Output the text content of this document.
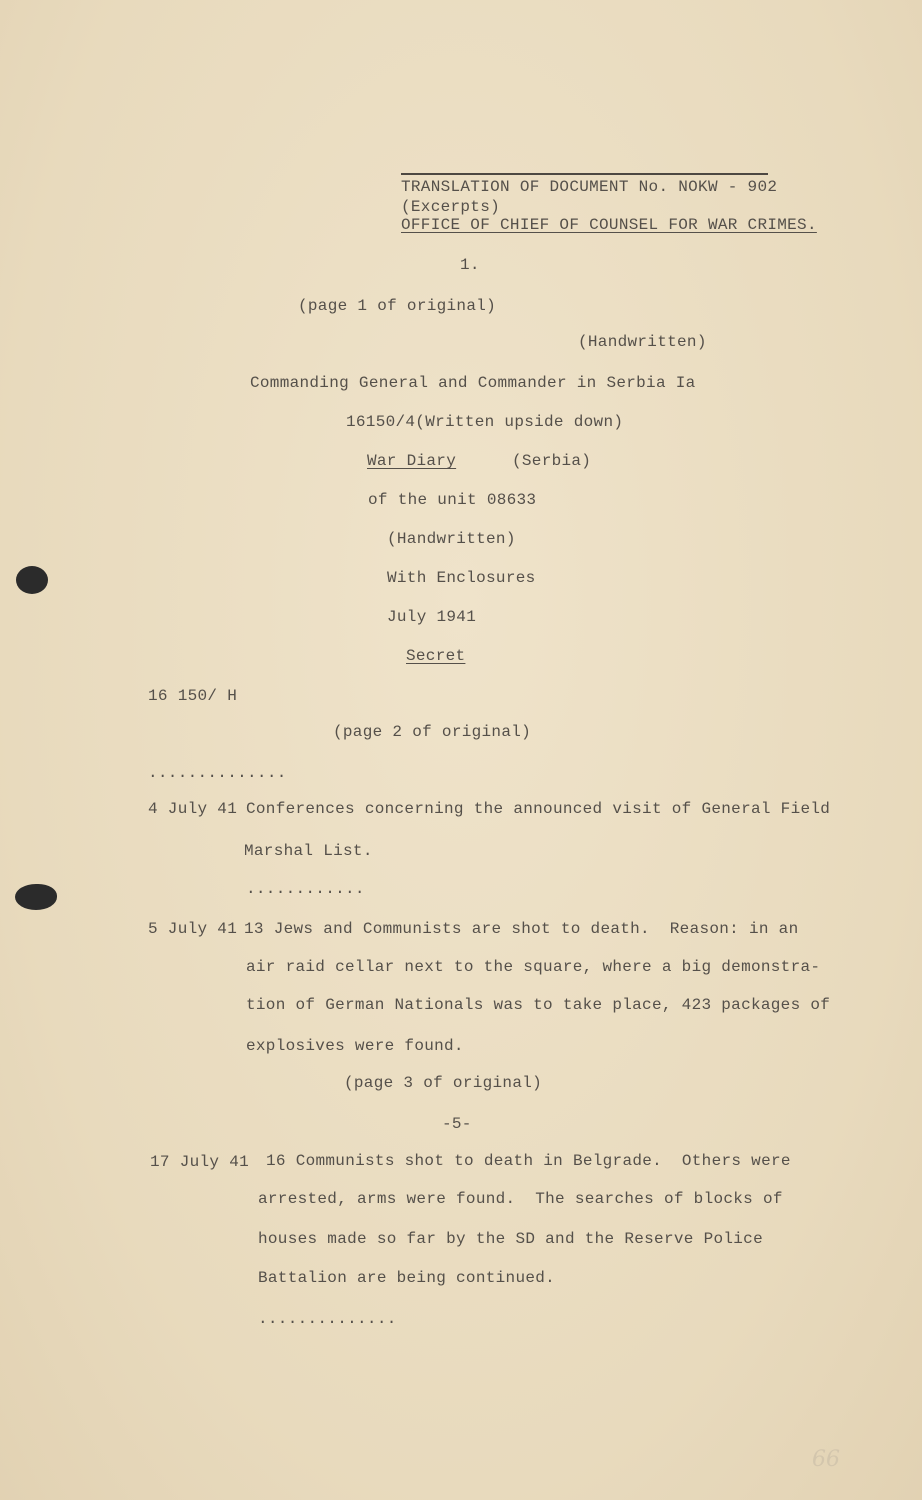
TRANSLATION OF DOCUMENT No. NOKW - 902
(Excerpts)
OFFICE OF CHIEF OF COUNSEL FOR WAR CRIMES.
1.
(page 1 of original)
(Handwritten)
Commanding General and Commander in Serbia Ia
16150/4(Written upside down)
War Diary	(Serbia)
of the unit 08633
(Handwritten)
With Enclosures
July 1941
Secret
16 150/ H
(page 2 of original)
..............
4 July 41 Conferences concerning the announced visit of General Field
Marshal List.
............
5 July 41 13 Jews and Communists are shot to death.  Reason: in an
air raid cellar next to the square, where a big demonstra-
tion of German Nationals was to take place, 423 packages of
explosives were found.
(page 3 of original)
-5-
17 July 41 16 Communists shot to death in Belgrade.  Others were
arrested, arms were found.  The searches of blocks of
houses made so far by the SD and the Reserve Police
Battalion are being continued.
..............
66
